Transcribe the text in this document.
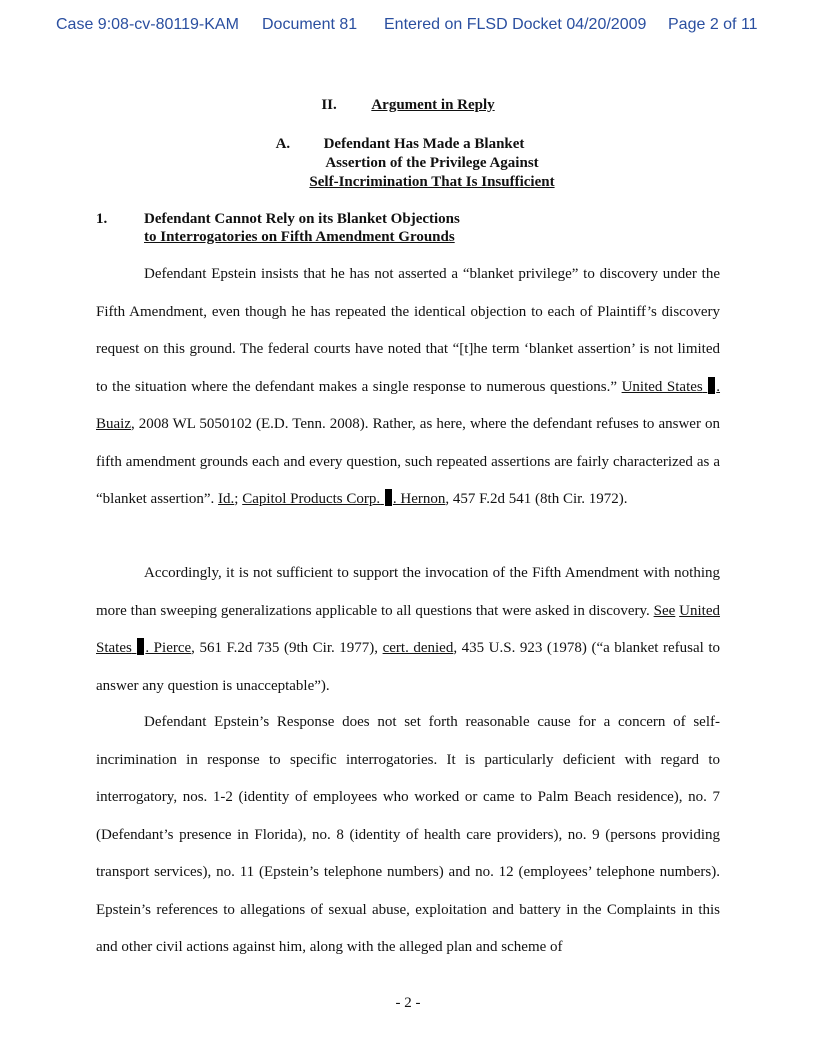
Case 9:08-cv-80119-KAM Document 81 Entered on FLSD Docket 04/20/2009 Page 2 of 11
II. Argument in Reply
A. Defendant Has Made a Blanket
Assertion of the Privilege Against
Self-Incrimination That Is Insufficient
1. Defendant Cannot Rely on its Blanket Objections
to Interrogatories on Fifth Amendment Grounds
Defendant Epstein insists that he has not asserted a “blanket privilege” to discovery under the Fifth Amendment, even though he has repeated the identical objection to each of Plaintiff’s discovery request on this ground. The federal courts have noted that “[t]he term ‘blanket assertion’ is not limited to the situation where the defendant makes a single response to numerous questions.” United States . Buaiz, 2008 WL 5050102 (E.D. Tenn. 2008). Rather, as here, where the defendant refuses to answer on fifth amendment grounds each and every question, such repeated assertions are fairly characterized as a “blanket assertion”. Id.; Capitol Products Corp. . Hernon, 457 F.2d 541 (8th Cir. 1972).
Accordingly, it is not sufficient to support the invocation of the Fifth Amendment with nothing more than sweeping generalizations applicable to all questions that were asked in discovery. See United States . Pierce, 561 F.2d 735 (9th Cir. 1977), cert. denied, 435 U.S. 923 (1978) (“a blanket refusal to answer any question is unacceptable”).
Defendant Epstein’s Response does not set forth reasonable cause for a concern of self-incrimination in response to specific interrogatories. It is particularly deficient with regard to interrogatory, nos. 1-2 (identity of employees who worked or came to Palm Beach residence), no. 7 (Defendant’s presence in Florida), no. 8 (identity of health care providers), no. 9 (persons providing transport services), no. 11 (Epstein’s telephone numbers) and no. 12 (employees’ telephone numbers). Epstein’s references to allegations of sexual abuse, exploitation and battery in the Complaints in this and other civil actions against him, along with the alleged plan and scheme of
- 2 -
